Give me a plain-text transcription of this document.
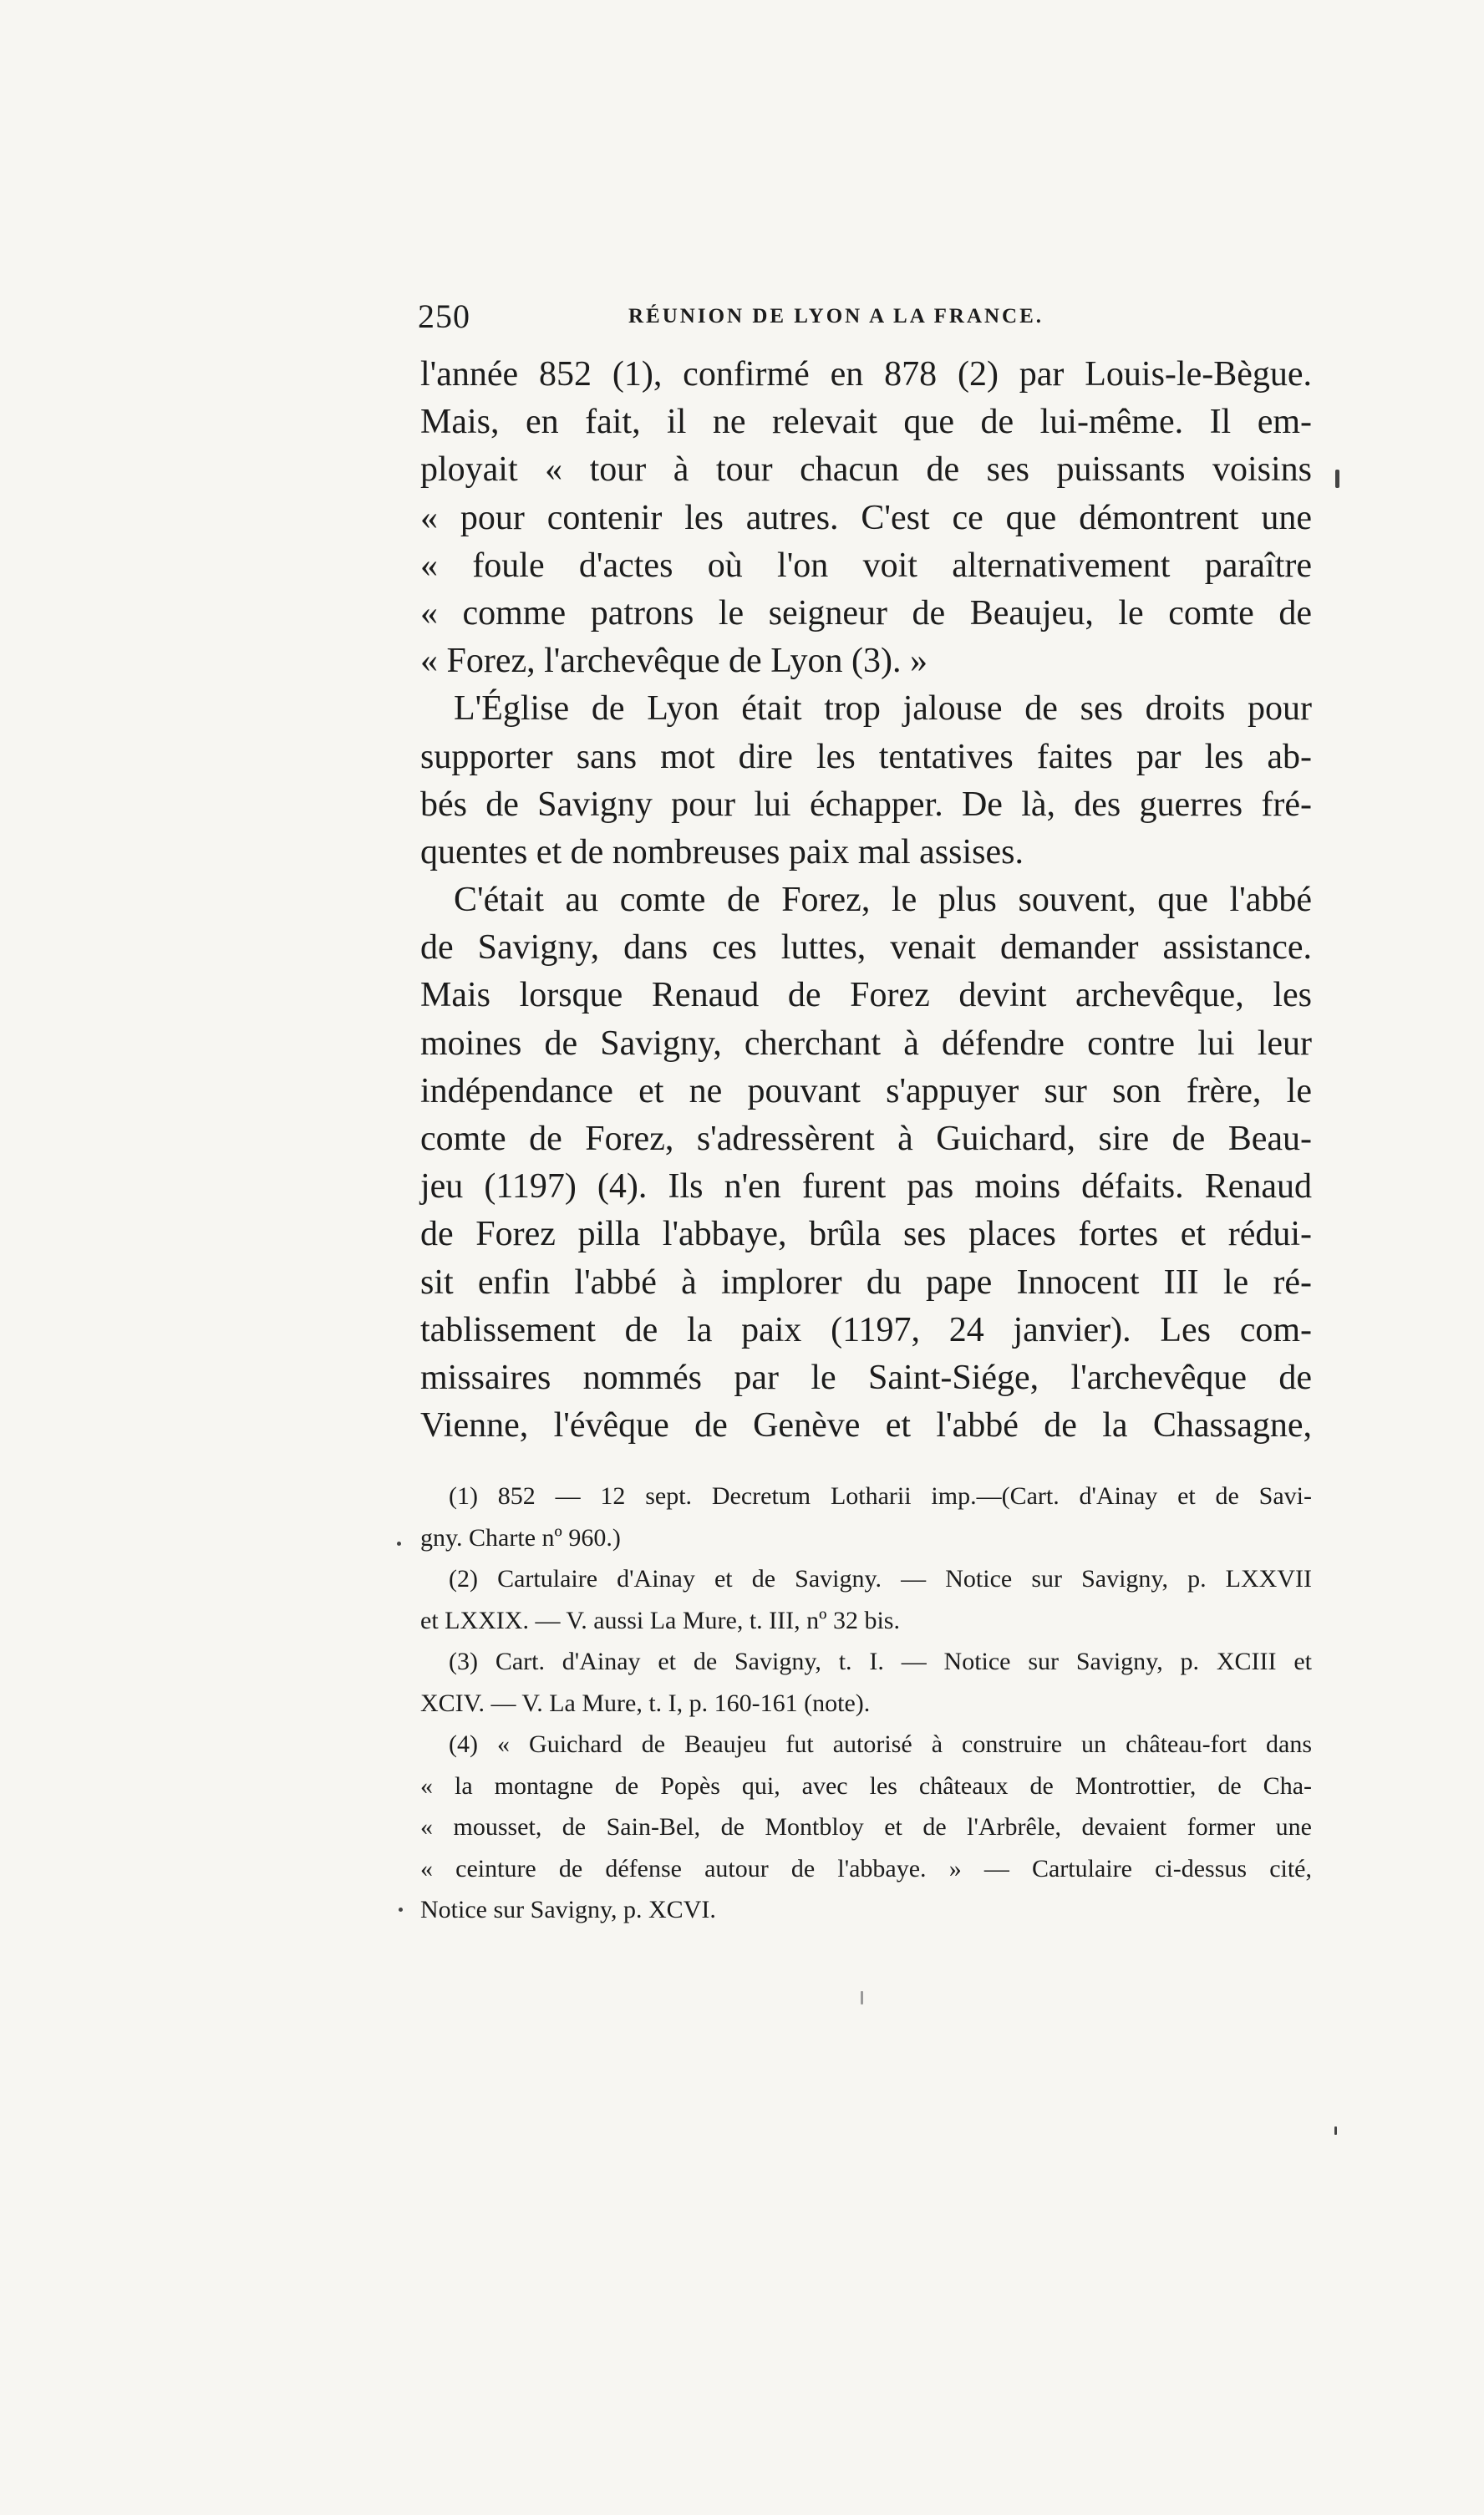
250	RÉUNION DE LYON A LA FRANCE.
l'année 852 (1), confirmé en 878 (2) par Louis-le-Bègue.
Mais, en fait, il ne relevait que de lui-même. Il em-
ployait « tour à tour chacun de ses puissants voisins
« pour contenir les autres. C'est ce que démontrent une
« foule d'actes où l'on voit alternativement paraître
« comme patrons le seigneur de Beaujeu, le comte de
« Forez, l'archevêque de Lyon (3). »
L'Église de Lyon était trop jalouse de ses droits pour
supporter sans mot dire les tentatives faites par les ab-
bés de Savigny pour lui échapper. De là, des guerres fré-
quentes et de nombreuses paix mal assises.
C'était au comte de Forez, le plus souvent, que l'abbé
de Savigny, dans ces luttes, venait demander assistance.
Mais lorsque Renaud de Forez devint archevêque, les
moines de Savigny, cherchant à défendre contre lui leur
indépendance et ne pouvant s'appuyer sur son frère, le
comte de Forez, s'adressèrent à Guichard, sire de Beau-
jeu (1197) (4). Ils n'en furent pas moins défaits. Renaud
de Forez pilla l'abbaye, brûla ses places fortes et rédui-
sit enfin l'abbé à implorer du pape Innocent III le ré-
tablissement de la paix (1197, 24 janvier). Les com-
missaires nommés par le Saint-Siége, l'archevêque de
Vienne, l'évêque de Genève et l'abbé de la Chassagne,
(1) 852 — 12 sept. Decretum Lotharii imp.—(Cart. d'Ainay et de Savi-
gny. Charte nº 960.)
(2) Cartulaire d'Ainay et de Savigny. — Notice sur Savigny, p. LXXVII
et LXXIX. — V. aussi La Mure, t. III, nº 32 bis.
(3) Cart. d'Ainay et de Savigny, t. I. — Notice sur Savigny, p. XCIII et
XCIV. — V. La Mure, t. I, p. 160-161 (note).
(4) « Guichard de Beaujeu fut autorisé à construire un château-fort dans
« la montagne de Popès qui, avec les châteaux de Montrottier, de Cha-
« mousset, de Sain-Bel, de Montbloy et de l'Arbrêle, devaient former une
« ceinture de défense autour de l'abbaye. » — Cartulaire ci-dessus cité,
Notice sur Savigny, p. XCVI.
